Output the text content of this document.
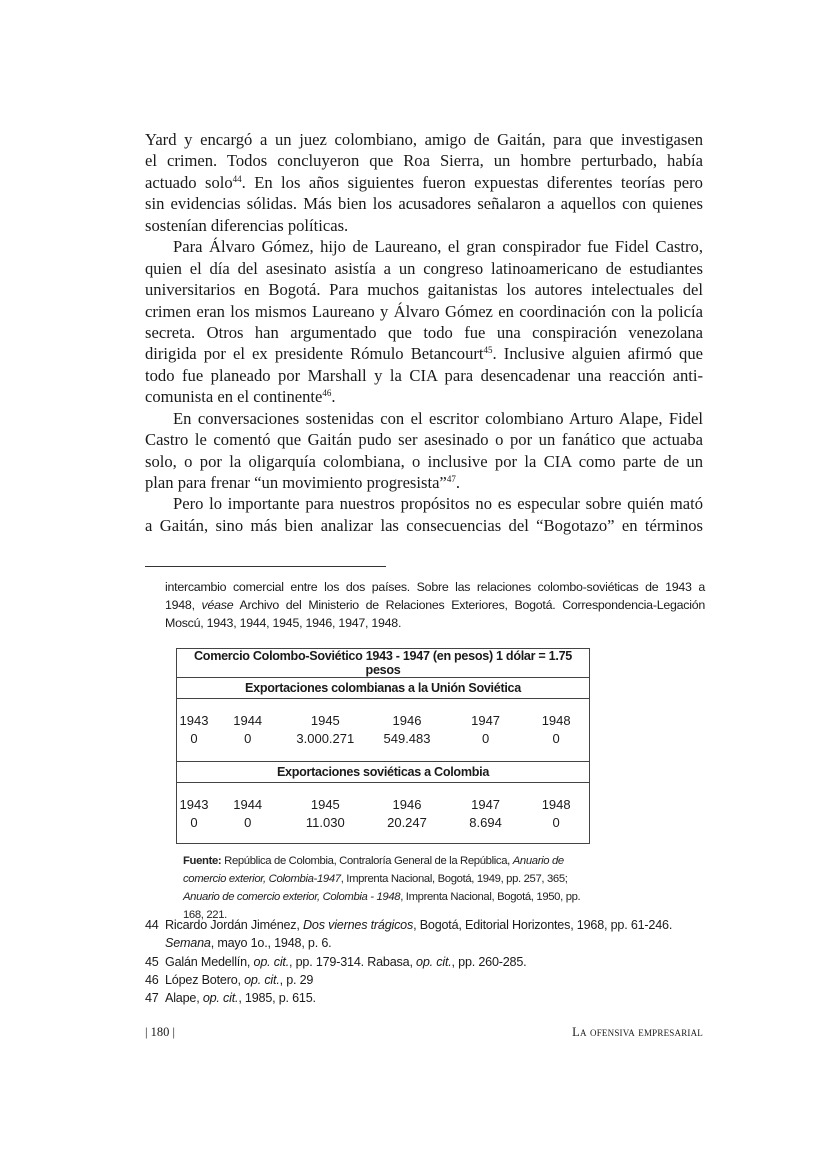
Yard y encargó a un juez colombiano, amigo de Gaitán, para que investigasen
el crimen. Todos concluyeron que Roa Sierra, un hombre perturbado, había
actuado solo$^{44}$. En los años siguientes fueron expuestas diferentes teorías pero
sin evidencias sólidas. Más bien los acusadores señalaron a aquellos con quienes
sostenían diferencias políticas.
Para Álvaro Gómez, hijo de Laureano, el gran conspirador fue Fidel Castro,
quien el día del asesinato asistía a un congreso latinoamericano de estudiantes
universitarios en Bogotá. Para muchos gaitanistas los autores intelectuales del
crimen eran los mismos Laureano y Álvaro Gómez en coordinación con la policía
secreta. Otros han argumentado que todo fue una conspiración venezolana
dirigida por el ex presidente Rómulo Betancourt$^{45}$. Inclusive alguien afirmó que
todo fue planeado por Marshall y la CIA para desencadenar una reacción anti-
comunista en el continente$^{46}$.
En conversaciones sostenidas con el escritor colombiano Arturo Alape, Fidel
Castro le comentó que Gaitán pudo ser asesinado o por un fanático que actuaba
solo, o por la oligarquía colombiana, o inclusive por la CIA como parte de un
plan para frenar “un movimiento progresista”$^{47}$.
Pero lo importante para nuestros propósitos no es especular sobre quién mató
a Gaitán, sino más bien analizar las consecuencias del “Bogotazo” en términos
intercambio comercial entre los dos países. Sobre las relaciones colombo-soviéticas de 1943 a
1948, véase Archivo del Ministerio de Relaciones Exteriores, Bogotá. Correspondencia-Legación
Moscú, 1943, 1944, 1945, 1946, 1947, 1948.
Comercio Colombo-Soviético 1943 - 1947 (en pesos) 1 dólar = 1.75 pesos					
Exportaciones colombianas a la Unión Soviética					

1943	1944	1945	1946	1947	1948
0	0	3.000.271	549.483	0	0

Exportaciones soviéticas a Colombia					

1943	1944	1945	1946	1947	1948
0	0	11.030	20.247	8.694	0

Fuente: República de Colombia, Contraloría General de la República, Anuario de comercio exterior, Colombia-1947, Imprenta Nacional, Bogotá, 1949, pp. 257, 365; Anuario de comercio exterior, Colombia - 1948, Imprenta Nacional, Bogotá, 1950, pp. 168, 221.
44 Ricardo Jordán Jiménez, Dos viernes trágicos, Bogotá, Editorial Horizontes, 1968, pp. 61-246. Semana, mayo 1o., 1948, p. 6.
45 Galán Medellín, op. cit., pp. 179-314. Rabasa, op. cit., pp. 260-285.
46 López Botero, op. cit., p. 29
47 Alape, op. cit., 1985, p. 615.
| 180 |	La ofensiva empresarial
